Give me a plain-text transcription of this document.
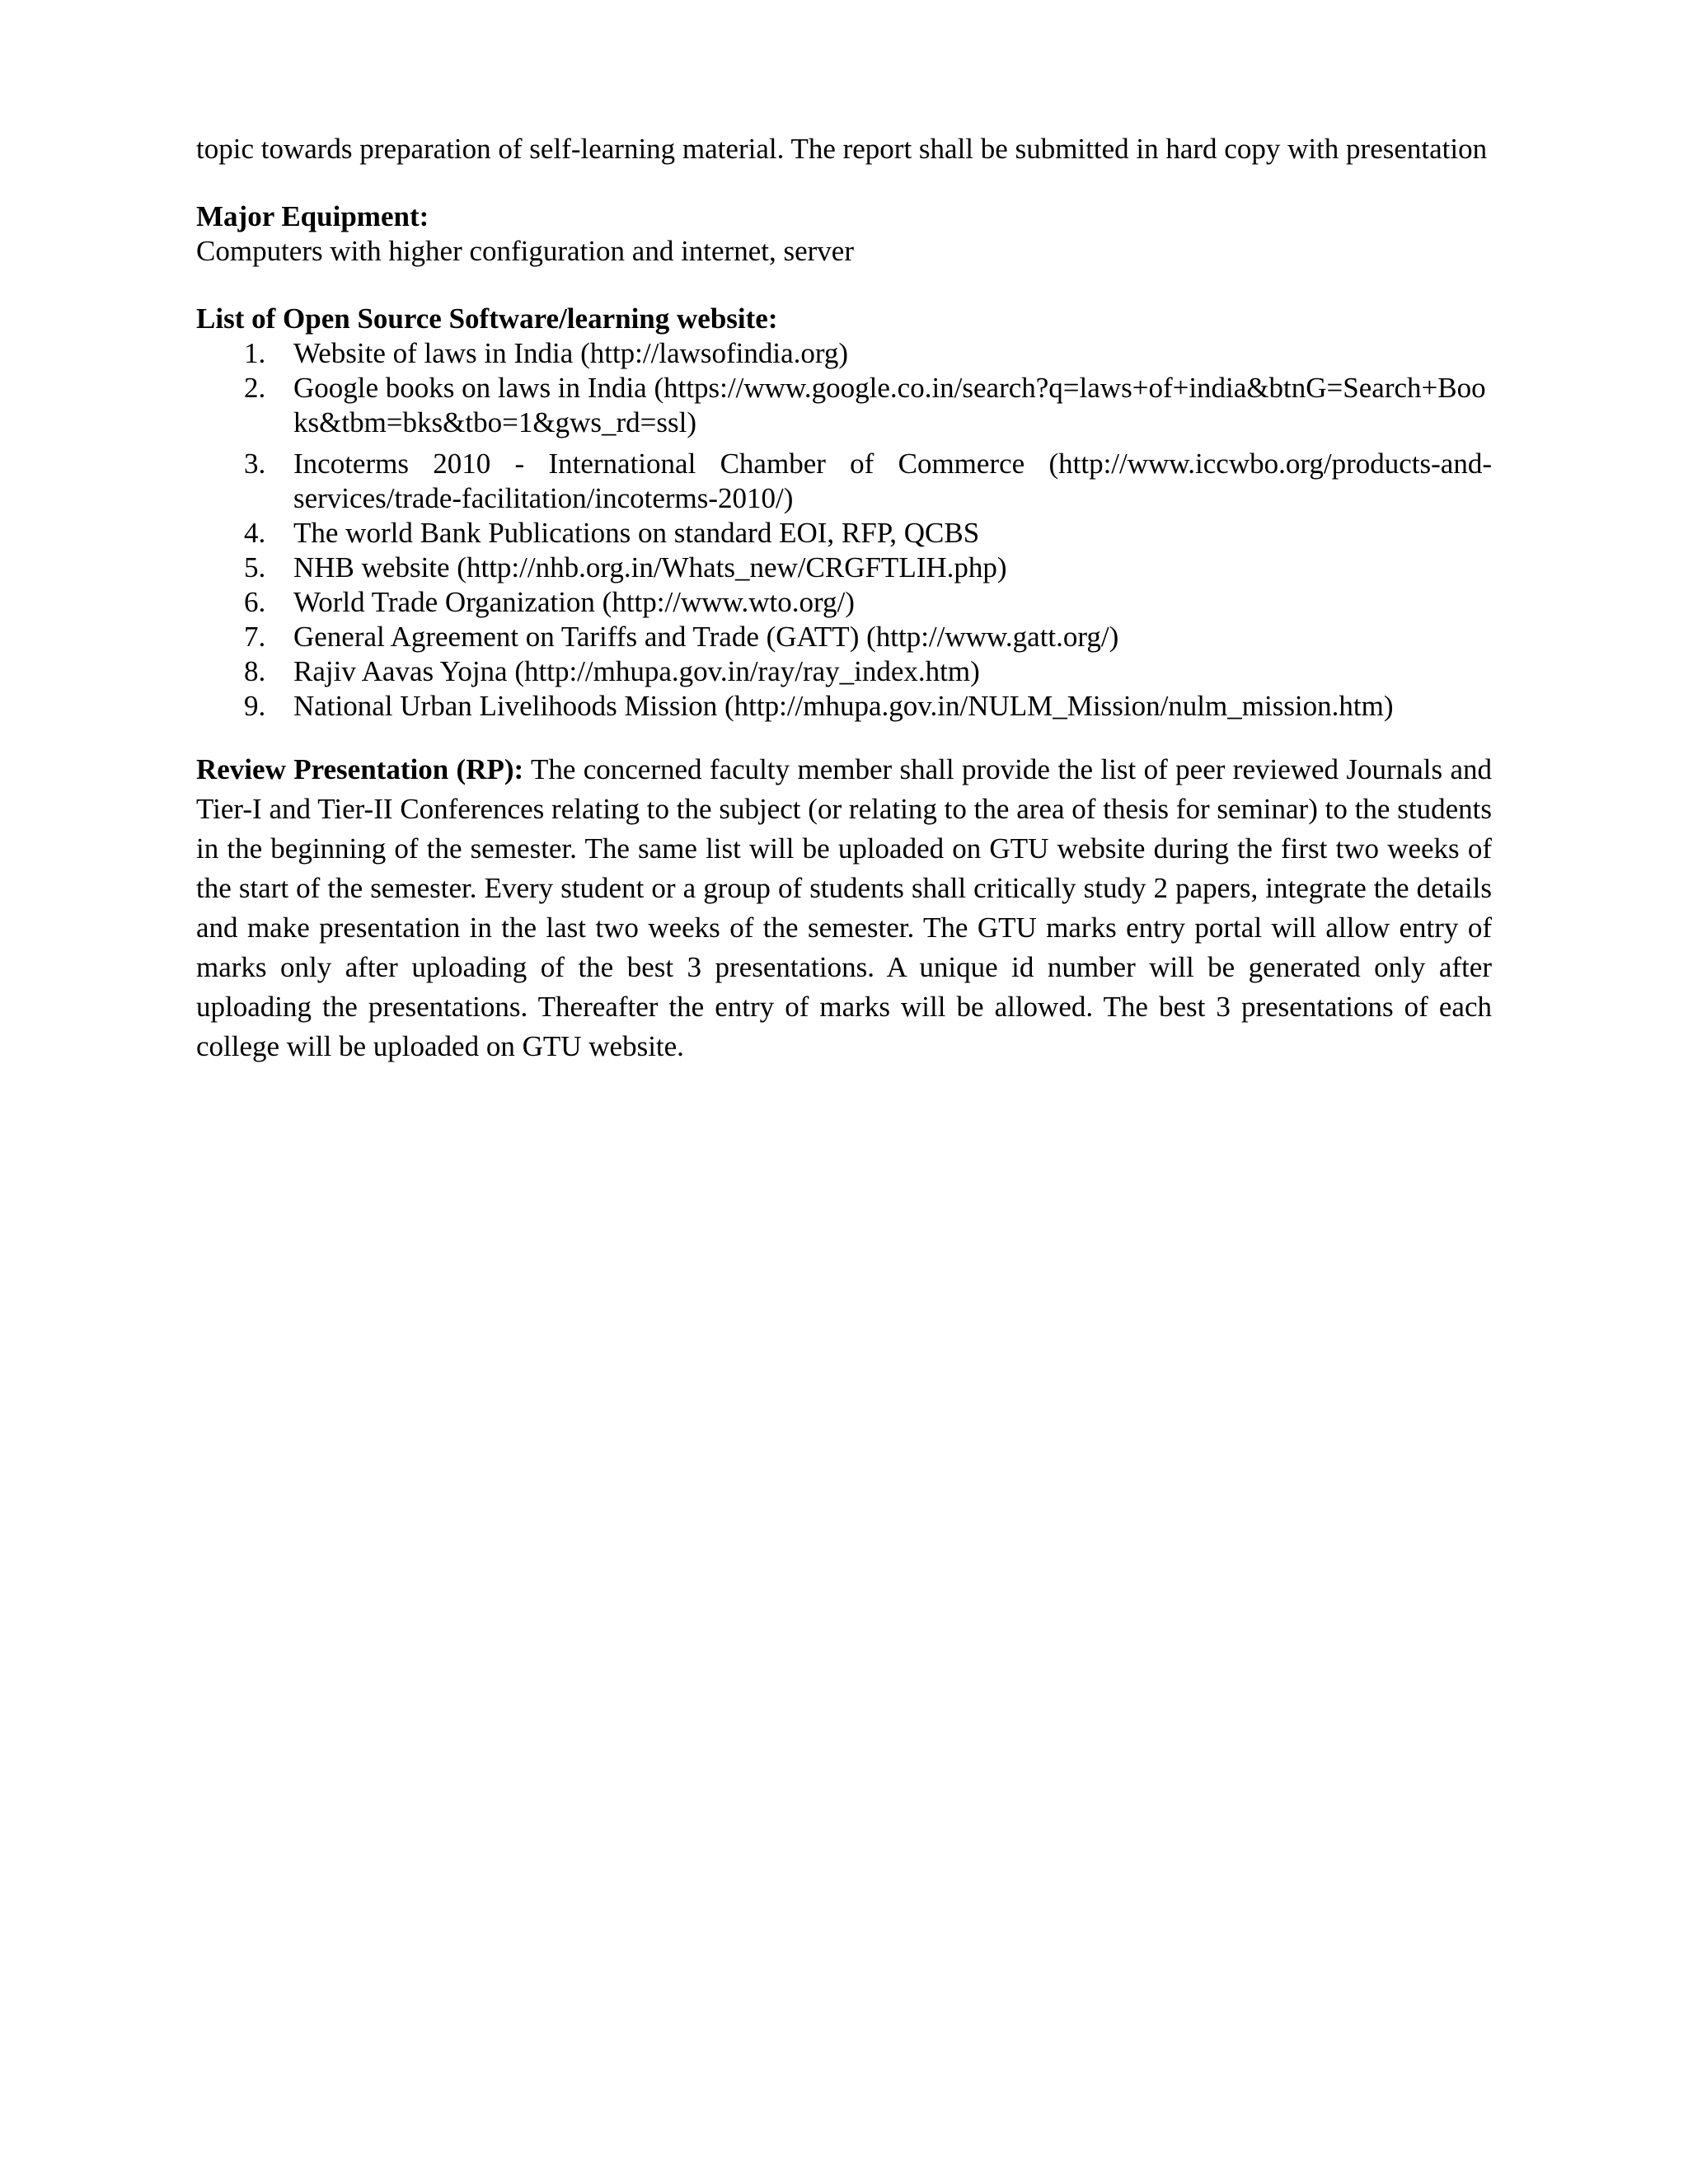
topic towards preparation of self-learning material. The report shall be submitted in hard copy with presentation

Major Equipment:

Computers with higher configuration and internet, server

List of Open Source Software/learning website:

1. Website of laws in India (http://lawsofindia.org)
2. Google books on laws in India (https://www.google.co.in/search?q=laws+of+india&btnG=Search+Books&tbm=bks&tbo=1&gws_rd=ssl)
3. Incoterms 2010 - International Chamber of Commerce (http://www.iccwbo.org/products-and-services/trade-facilitation/incoterms-2010/)
4. The world Bank Publications on standard EOI, RFP, QCBS
5. NHB website (http://nhb.org.in/Whats_new/CRGFTLIH.php)
6. World Trade Organization (http://www.wto.org/)
7. General Agreement on Tariffs and Trade (GATT) (http://www.gatt.org/)
8. Rajiv Aavas Yojna (http://mhupa.gov.in/ray/ray_index.htm)
9. National Urban Livelihoods Mission (http://mhupa.gov.in/NULM_Mission/nulm_mission.htm)

Review Presentation (RP): The concerned faculty member shall provide the list of peer reviewed Journals and Tier-I and Tier-II Conferences relating to the subject (or relating to the area of thesis for seminar) to the students in the beginning of the semester. The same list will be uploaded on GTU website during the first two weeks of the start of the semester. Every student or a group of students shall critically study 2 papers, integrate the details and make presentation in the last two weeks of the semester. The GTU marks entry portal will allow entry of marks only after uploading of the best 3 presentations. A unique id number will be generated only after uploading the presentations. Thereafter the entry of marks will be allowed. The best 3 presentations of each college will be uploaded on GTU website.
